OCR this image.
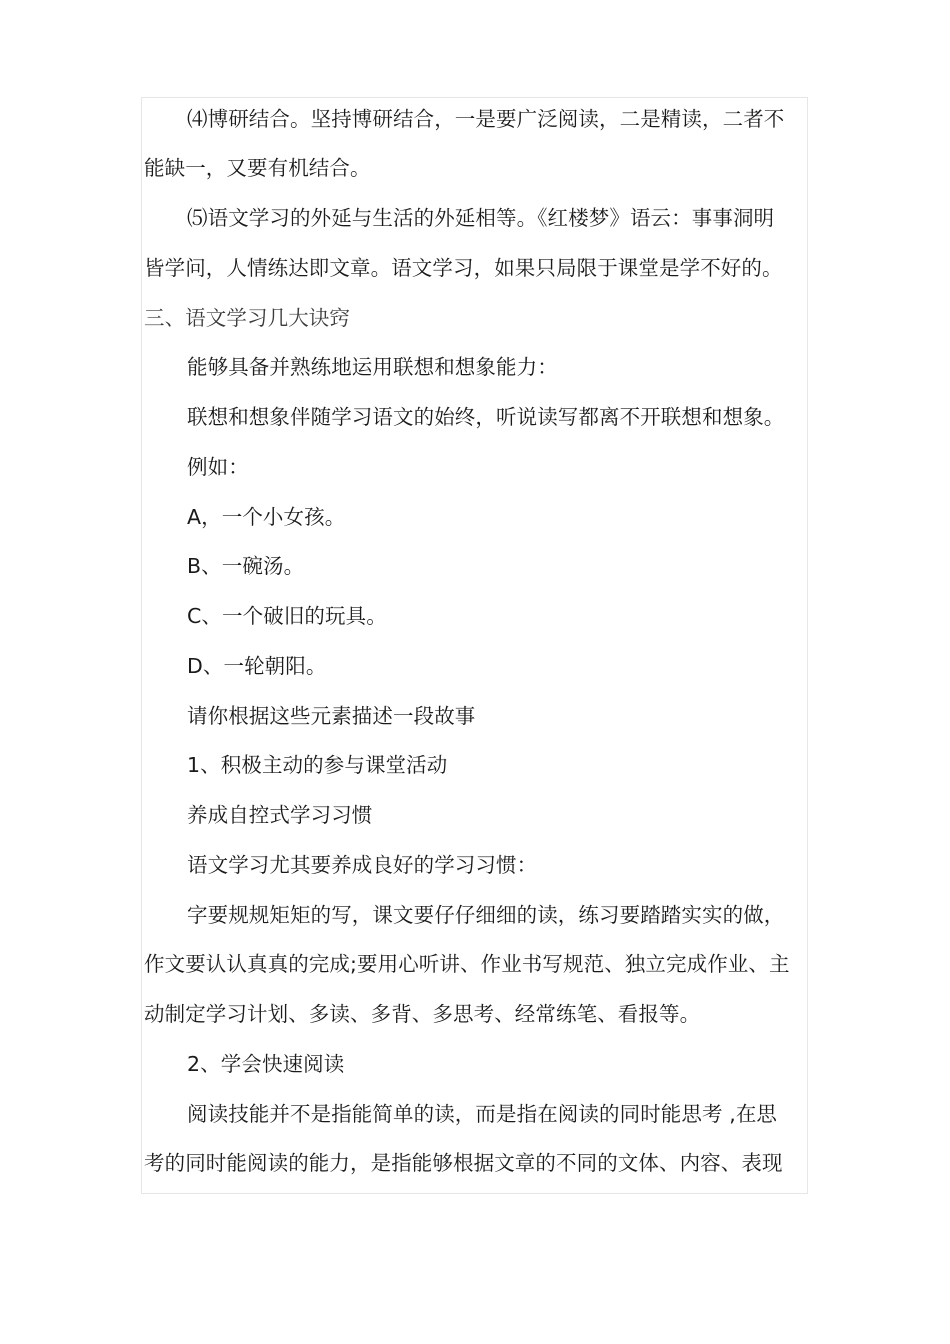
⑷博研结合。坚持博研结合，一是要广泛阅读，二是精读，二者不
能缺一，又要有机结合。
⑸语文学习的外延与生活的外延相等。《红楼梦》语云：事事洞明
皆学问，人情练达即文章。语文学习，如果只局限于课堂是学不好的。
三、语文学习几大诀窍
能够具备并熟练地运用联想和想象能力：
联想和想象伴随学习语文的始终，听说读写都离不开联想和想象。
例如：
A，一个小女孩。
B、一碗汤。
C、一个破旧的玩具。
D、一轮朝阳。
请你根据这些元素描述一段故事
1、积极主动的参与课堂活动
养成自控式学习习惯
语文学习尤其要养成良好的学习习惯：
字要规规矩矩的写，课文要仔仔细细的读，练习要踏踏实实的做，
作文要认认真真的完成;要用心听讲、作业书写规范、独立完成作业、主
动制定学习计划、多读、多背、多思考、经常练笔、看报等。
2、学会快速阅读
阅读技能并不是指能简单的读，而是指在阅读的同时能思考 ,在思
考的同时能阅读的能力，是指能够根据文章的不同的文体、内容、表现
